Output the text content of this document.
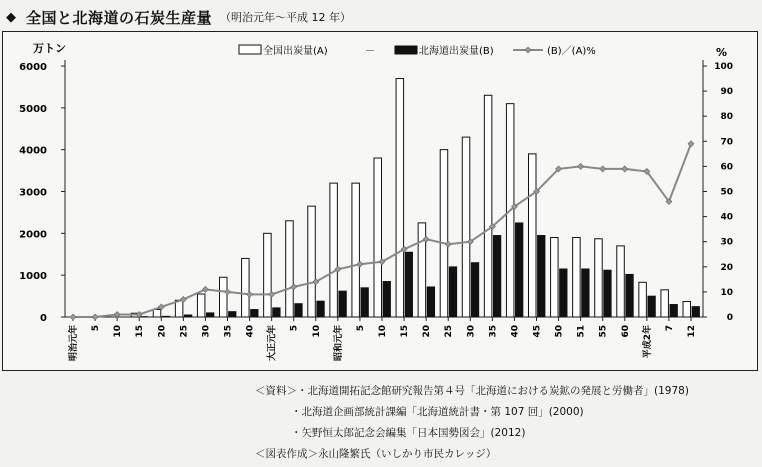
◆ 全国と北海道の石炭生産量 （明治元年～平成 12 年）
万トン	%
0
1000
2000
3000
4000
5000
6000
0
10
20
30
40
50
60
70
80
90
100
明治元年 5 10 15 20 25 30 35 40 大正元年 5 10 昭和元年 5 10 15 20 25 30 35 40 45 50 51 55 60 平成2年 7 12
全国出炭量(A)	－	北海道出炭量(B)	(B)／(A)%
＜資料＞・北海道開拓記念館研究報告第４号「北海道における炭鉱の発展と労働者」(1978)
・北海道企画部統計課編「北海道統計書・第 107 回」(2000)
・矢野恒太郎記念会編集「日本国勢図会」(2012)
＜図表作成＞永山隆繁氏（いしかり市民カレッジ）
